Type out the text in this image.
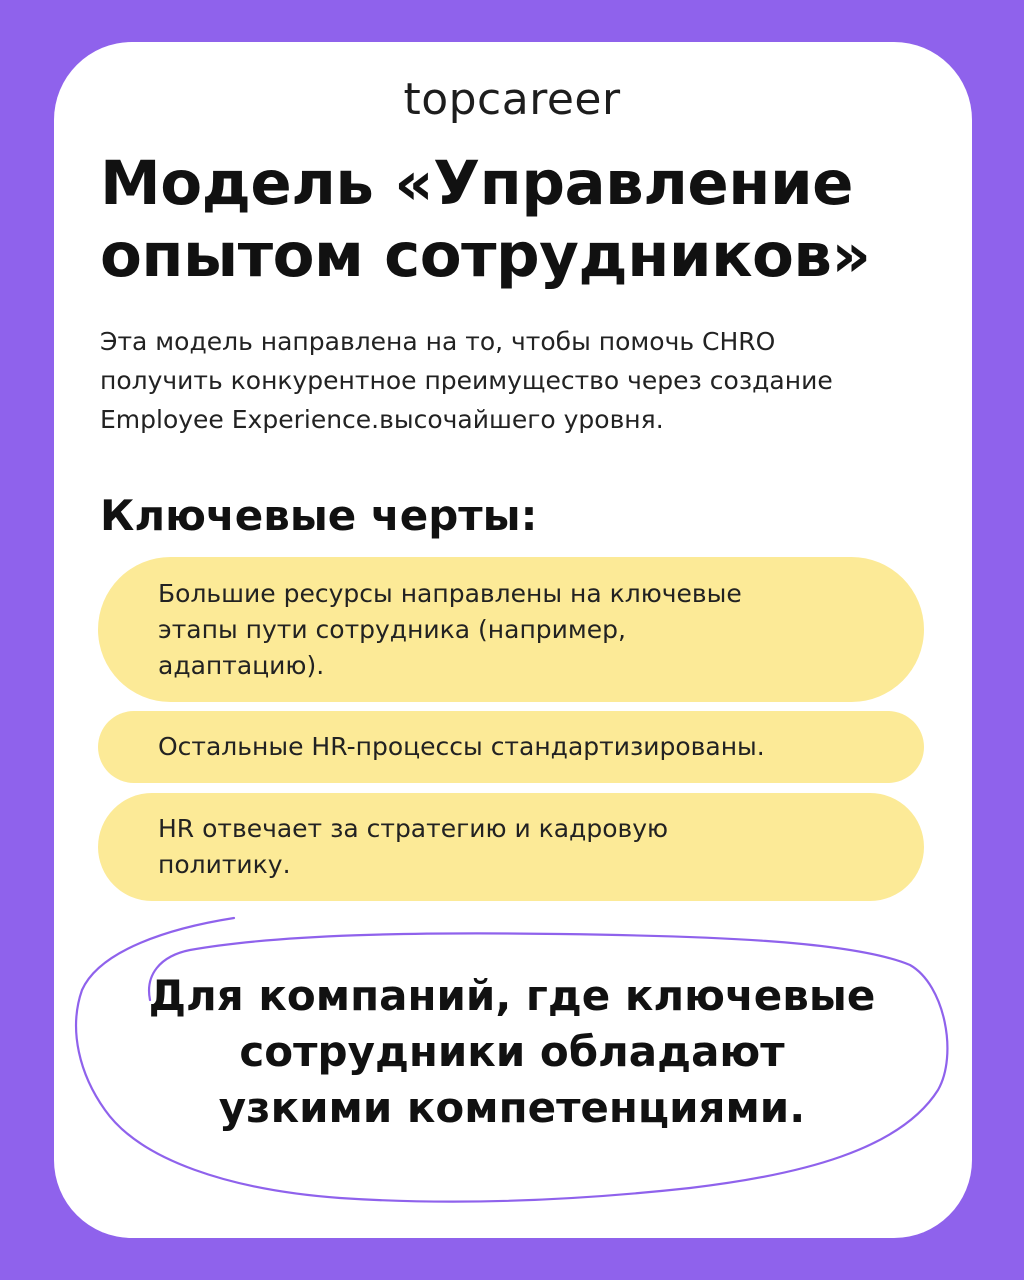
topcareer
Модель «Управление
опытом сотрудников»

Эта модель направлена на то, чтобы помочь CHRO
получить конкурентное преимущество через создание
Employee Experience.высочайшего уровня.

Ключевые черты:
Большие ресурсы направлены на ключевые
этапы пути сотрудника (например,
адаптацию).
Остальные HR-процессы стандартизированы.
HR отвечает за стратегию и кадровую
политику.

Для компаний, где ключевые
сотрудники обладают
узкими компетенциями.
